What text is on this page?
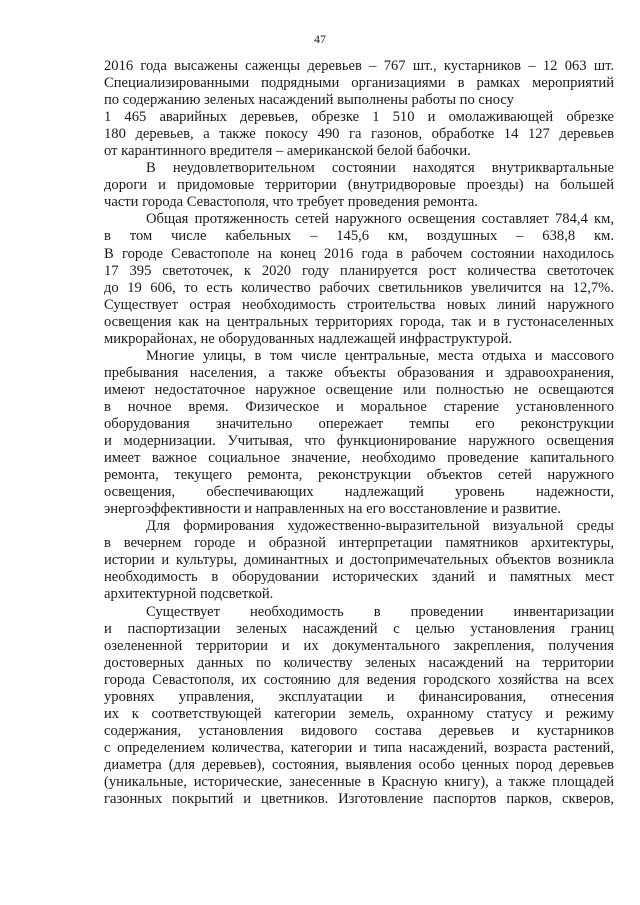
47
2016 года высажены саженцы деревьев – 767 шт., кустарников – 12 063 шт.
Специализированными подрядными организациями в рамках мероприятий
по содержанию зеленых насаждений выполнены работы по сносу
1 465 аварийных деревьев, обрезке 1 510 и омолаживающей обрезке
180 деревьев, а также покосу 490 га газонов, обработке 14 127 деревьев
от карантинного вредителя – американской белой бабочки.
В неудовлетворительном состоянии находятся внутриквартальные
дороги и придомовые территории (внутридворовые проезды) на большей
части города Севастополя, что требует проведения ремонта.
Общая протяженность сетей наружного освещения составляет 784,4 км,
в том числе кабельных – 145,6 км, воздушных – 638,8 км.
В городе Севастополе на конец 2016 года в рабочем состоянии находилось
17 395 светоточек, к 2020 году планируется рост количества светоточек
до 19 606, то есть количество рабочих светильников увеличится на 12,7%.
Существует острая необходимость строительства новых линий наружного
освещения как на центральных территориях города, так и в густонаселенных
микрорайонах, не оборудованных надлежащей инфраструктурой.
Многие улицы, в том числе центральные, места отдыха и массового
пребывания населения, а также объекты образования и здравоохранения,
имеют недостаточное наружное освещение или полностью не освещаются
в ночное время. Физическое и моральное старение установленного
оборудования значительно опережает темпы его реконструкции
и модернизации. Учитывая, что функционирование наружного освещения
имеет важное социальное значение, необходимо проведение капитального
ремонта, текущего ремонта, реконструкции объектов сетей наружного
освещения, обеспечивающих надлежащий уровень надежности,
энергоэффективности и направленных на его восстановление и развитие.
Для формирования художественно-выразительной визуальной среды
в вечернем городе и образной интерпретации памятников архитектуры,
истории и культуры, доминантных и достопримечательных объектов возникла
необходимость в оборудовании исторических зданий и памятных мест
архитектурной подсветкой.
Существует необходимость в проведении инвентаризации
и паспортизации зеленых насаждений с целью установления границ
озелененной территории и их документального закрепления, получения
достоверных данных по количеству зеленых насаждений на территории
города Севастополя, их состоянию для ведения городского хозяйства на всех
уровнях управления, эксплуатации и финансирования, отнесения
их к соответствующей категории земель, охранному статусу и режиму
содержания, установления видового состава деревьев и кустарников
с определением количества, категории и типа насаждений, возраста растений,
диаметра (для деревьев), состояния, выявления особо ценных пород деревьев
(уникальные, исторические, занесенные в Красную книгу), а также площадей
газонных покрытий и цветников. Изготовление паспортов парков, скверов,
